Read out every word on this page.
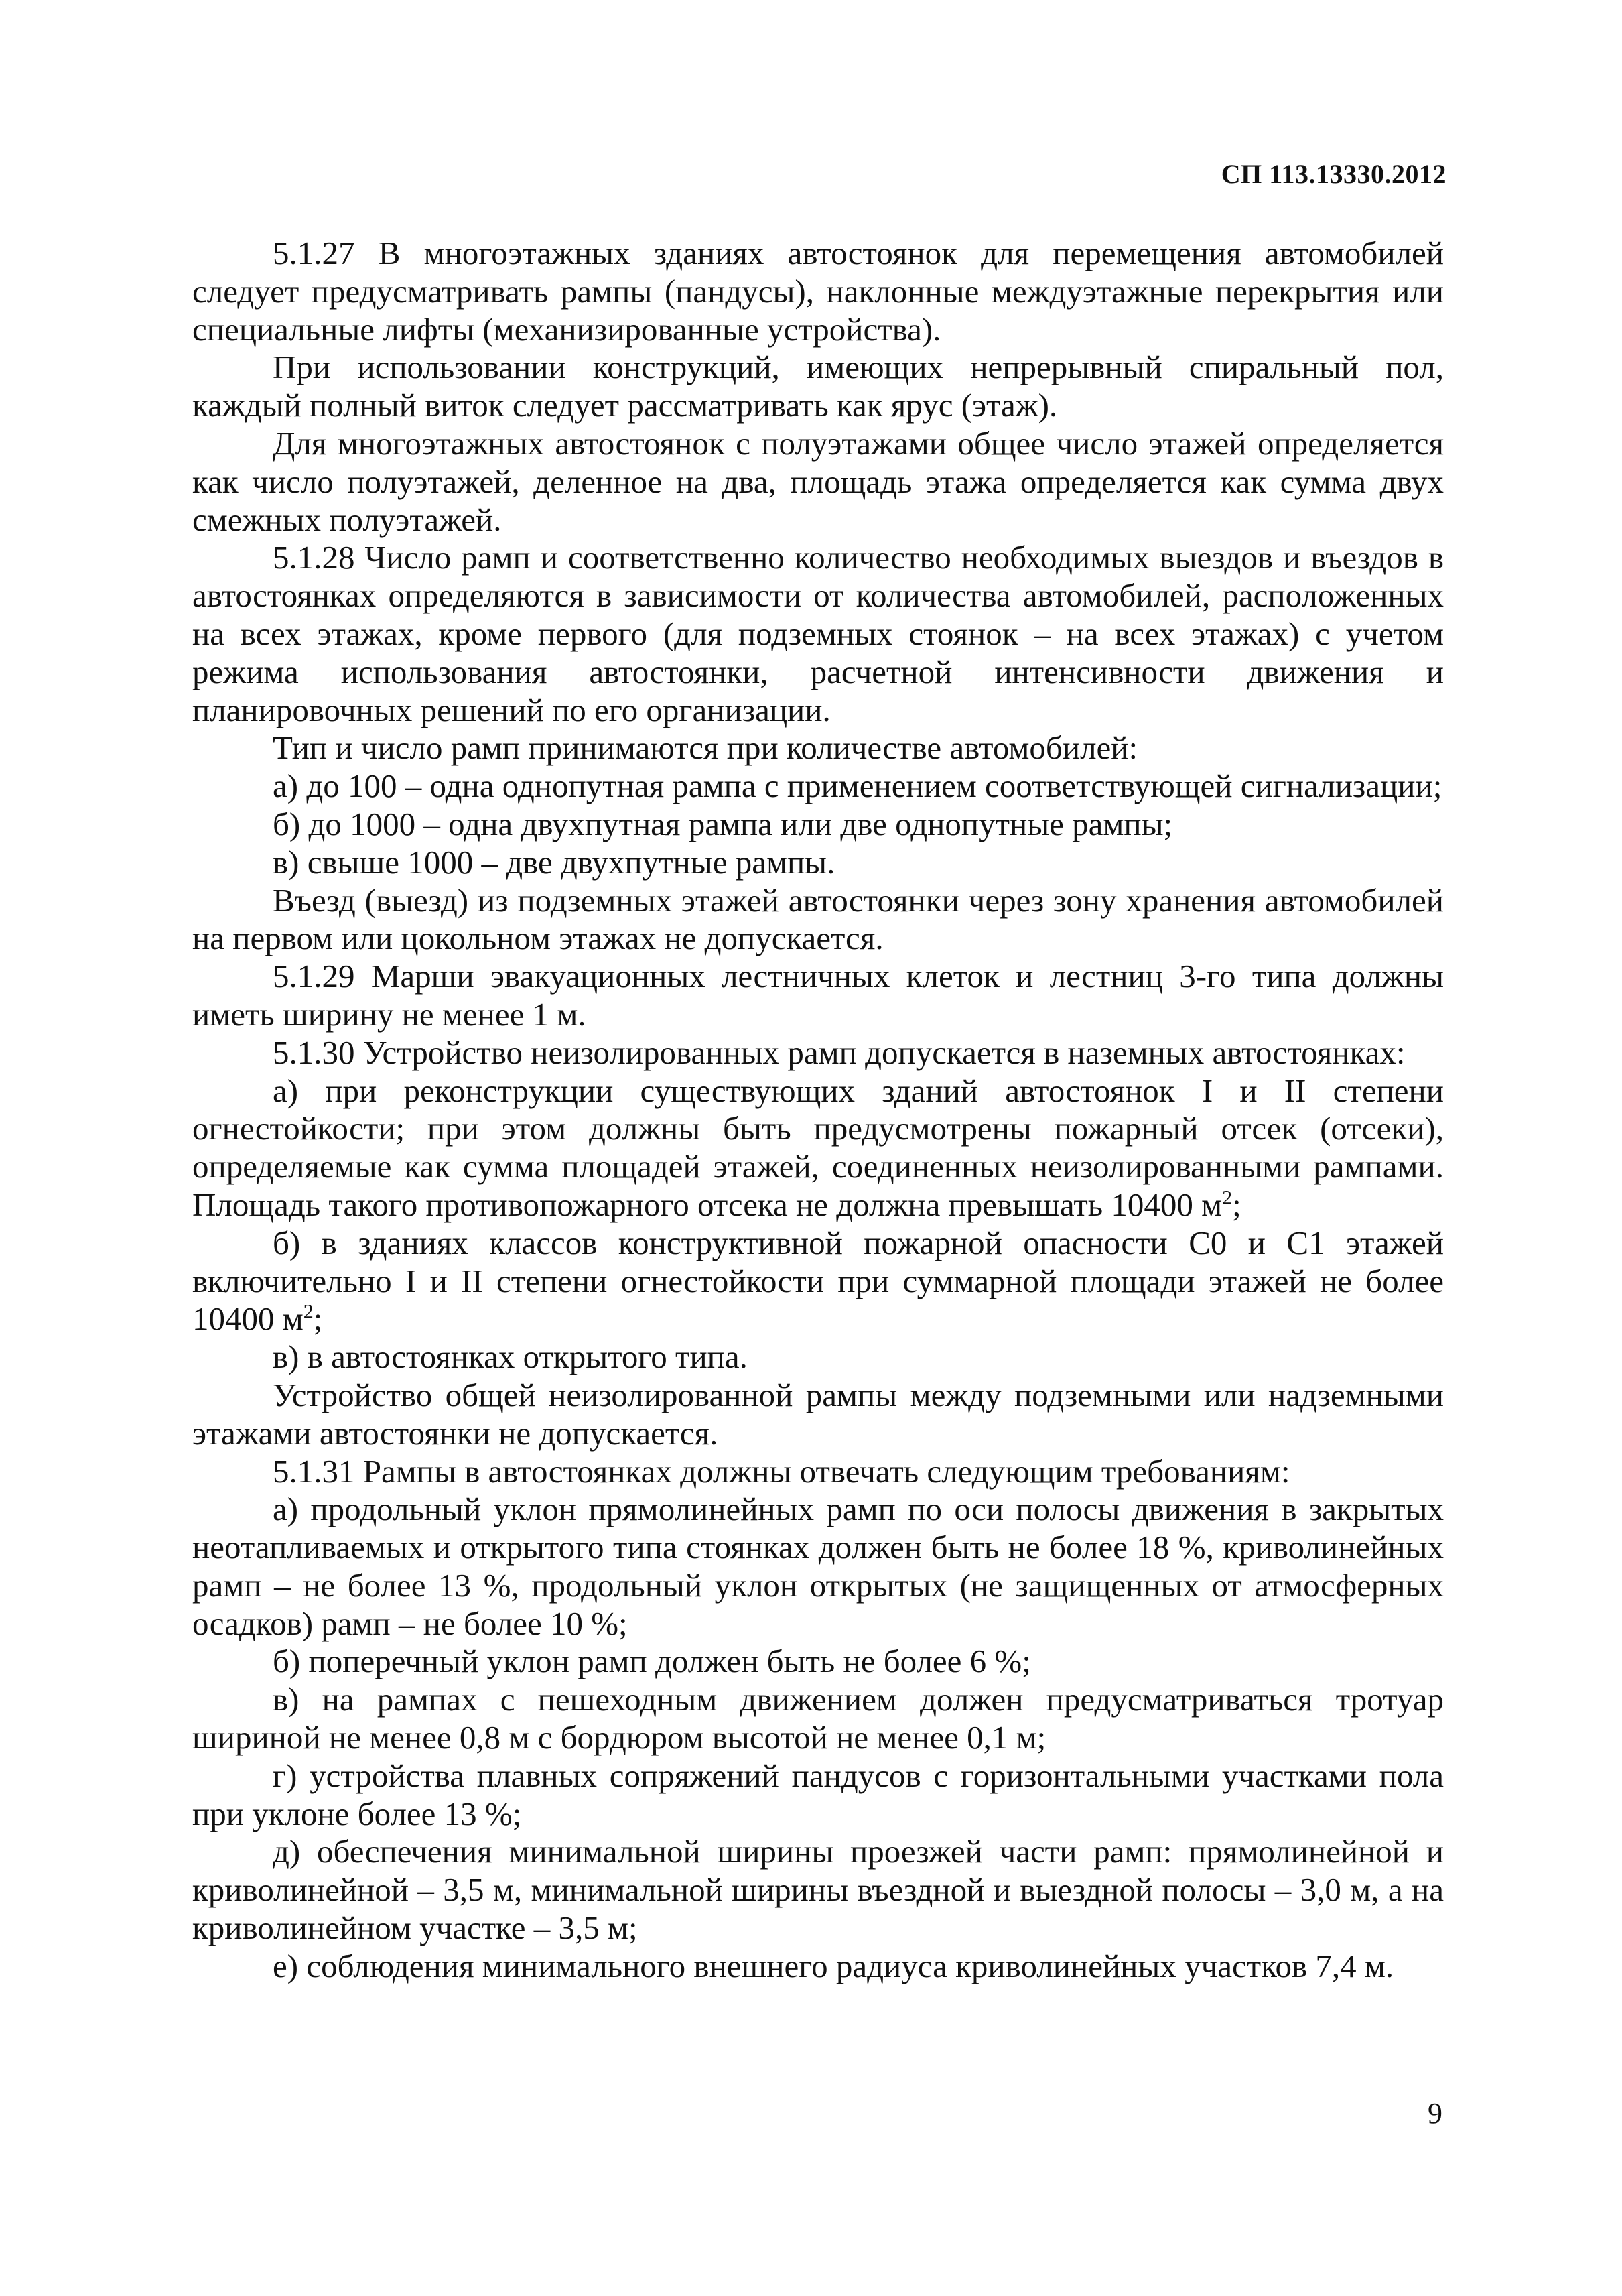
СП 113.13330.2012

5.1.27 В многоэтажных зданиях автостоянок для перемещения автомобилей следует предусматривать рампы (пандусы), наклонные междуэтажные перекрытия или специальные лифты (механизированные устройства).

При использовании конструкций, имеющих непрерывный спиральный пол, каждый полный виток следует рассматривать как ярус (этаж).

Для многоэтажных автостоянок с полуэтажами общее число этажей определяется как число полуэтажей, деленное на два, площадь этажа определяется как сумма двух смежных полуэтажей.

5.1.28 Число рамп и соответственно количество необходимых выездов и въездов в автостоянках определяются в зависимости от количества автомобилей, расположенных на всех этажах, кроме первого (для подземных стоянок – на всех этажах) с учетом режима использования автостоянки, расчетной интенсивности движения и планировочных решений по его организации.

Тип и число рамп принимаются при количестве автомобилей:

а) до 100 – одна однопутная рампа с применением соответствующей сигнализации;

б) до 1000 – одна двухпутная рампа или две однопутные рампы;

в) свыше 1000 – две двухпутные рампы.

Въезд (выезд) из подземных этажей автостоянки через зону хранения автомобилей на первом или цокольном этажах не допускается.

5.1.29 Марши эвакуационных лестничных клеток и лестниц 3-го типа должны иметь ширину не менее 1 м.

5.1.30 Устройство неизолированных рамп допускается в наземных автостоянках:

а) при реконструкции существующих зданий автостоянок I и II степени огнестойкости; при этом должны быть предусмотрены пожарный отсек (отсеки), определяемые как сумма площадей этажей, соединенных неизолированными рампами. Площадь такого противопожарного отсека не должна превышать 10400 $м^2$;

б) в зданиях классов конструктивной пожарной опасности С0 и С1 этажей включительно I и II степени огнестойкости при суммарной площади этажей не более 10400 $м^2$;

в) в автостоянках открытого типа.

Устройство общей неизолированной рампы между подземными или надземными этажами автостоянки не допускается.

5.1.31 Рампы в автостоянках должны отвечать следующим требованиям:

а) продольный уклон прямолинейных рамп по оси полосы движения в закрытых неотапливаемых и открытого типа стоянках должен быть не более 18 %, криволинейных рамп – не более 13 %, продольный уклон открытых (не защищенных от атмосферных осадков) рамп – не более 10 %;

б) поперечный уклон рамп должен быть не более 6 %;

в) на рампах с пешеходным движением должен предусматриваться тротуар шириной не менее 0,8 м с бордюром высотой не менее 0,1 м;

г) устройства плавных сопряжений пандусов с горизонтальными участками пола при уклоне более 13 %;

д) обеспечения минимальной ширины проезжей части рамп: прямолинейной и криволинейной – 3,5 м, минимальной ширины въездной и выездной полосы – 3,0 м, а на криволинейном участке – 3,5 м;

е) соблюдения минимального внешнего радиуса криволинейных участков 7,4 м.

9
